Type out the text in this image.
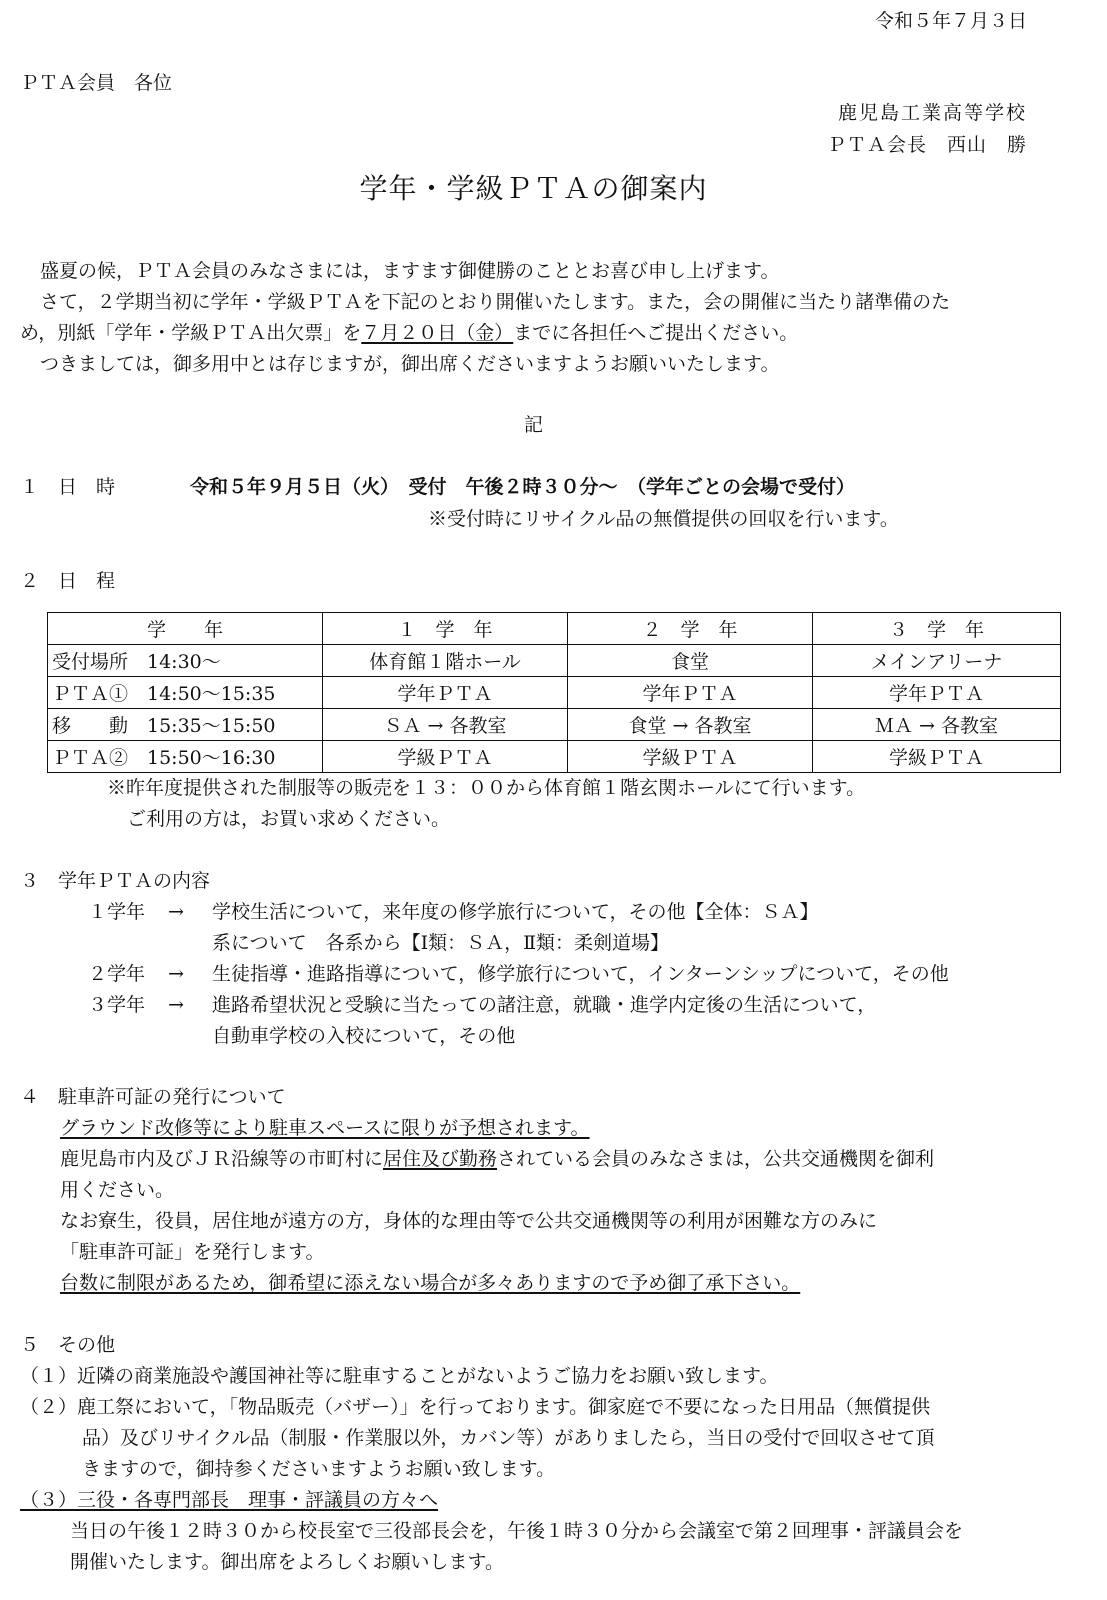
令和５年７月３日
ＰＴＡ会員　各位
鹿児島工業高等学校
ＰＴＡ会長　西山　勝
学年・学級ＰＴＡの御案内
盛夏の候，ＰＴＡ会員のみなさまには，ますます御健勝のこととお喜び申し上げます。
さて，２学期当初に学年・学級ＰＴＡを下記のとおり開催いたします。また，会の開催に当たり諸準備のた
め，別紙「学年・学級ＰＴＡ出欠票」を７月２０日（金）までに各担任へご提出ください。
つきましては，御多用中とは存じますが，御出席くださいますようお願いいたします。
記
１　日　時	令和５年９月５日（火）　受付　午後２時３０分～　（学年ごとの会場で受付）
※受付時にリサイクル品の無償提供の回収を行います。
２　日　程
学　　年	１　学　年	２　学　年	３　学　年
受付場所　14:30～	体育館１階ホール	食堂	メインアリーナ
ＰＴＡ①　14:50～15:35	学年ＰＴＡ	学年ＰＴＡ	学年ＰＴＡ
移　　動　15:35～15:50	ＳＡ → 各教室	食堂 → 各教室	ＭＡ → 各教室
ＰＴＡ②　15:50～16:30	学級ＰＴＡ	学級ＰＴＡ	学級ＰＴＡ
※昨年度提供された制服等の販売を１３：００から体育館１階玄関ホールにて行います。
ご利用の方は，お買い求めください。
３　学年ＰＴＡの内容
１学年 → 学校生活について，来年度の修学旅行について，その他【全体：ＳＡ】
系について　各系から【Ⅰ類：ＳＡ，Ⅱ類：柔剣道場】
２学年 → 生徒指導・進路指導について，修学旅行について，インターンシップについて，その他
３学年 → 進路希望状況と受験に当たっての諸注意，就職・進学内定後の生活について，
自動車学校の入校について，その他
４　駐車許可証の発行について
グラウンド改修等により駐車スペースに限りが予想されます。
鹿児島市内及びＪＲ沿線等の市町村に居住及び勤務されている会員のみなさまは，公共交通機関を御利
用ください。
なお寮生，役員，居住地が遠方の方，身体的な理由等で公共交通機関等の利用が困難な方のみに
「駐車許可証」を発行します。
台数に制限があるため，御希望に添えない場合が多々ありますので予め御了承下さい。
５　その他
（１）近隣の商業施設や護国神社等に駐車することがないようご協力をお願い致します。
（２）鹿工祭において，「物品販売（バザー）」を行っております。御家庭で不要になった日用品（無償提供
品）及びリサイクル品（制服・作業服以外，カバン等）がありましたら，当日の受付で回収させて頂
きますので，御持参くださいますようお願い致します。
（３）三役・各専門部長　理事・評議員の方々へ
当日の午後１２時３０から校長室で三役部長会を，午後１時３０分から会議室で第２回理事・評議員会を
開催いたします。御出席をよろしくお願いします。
